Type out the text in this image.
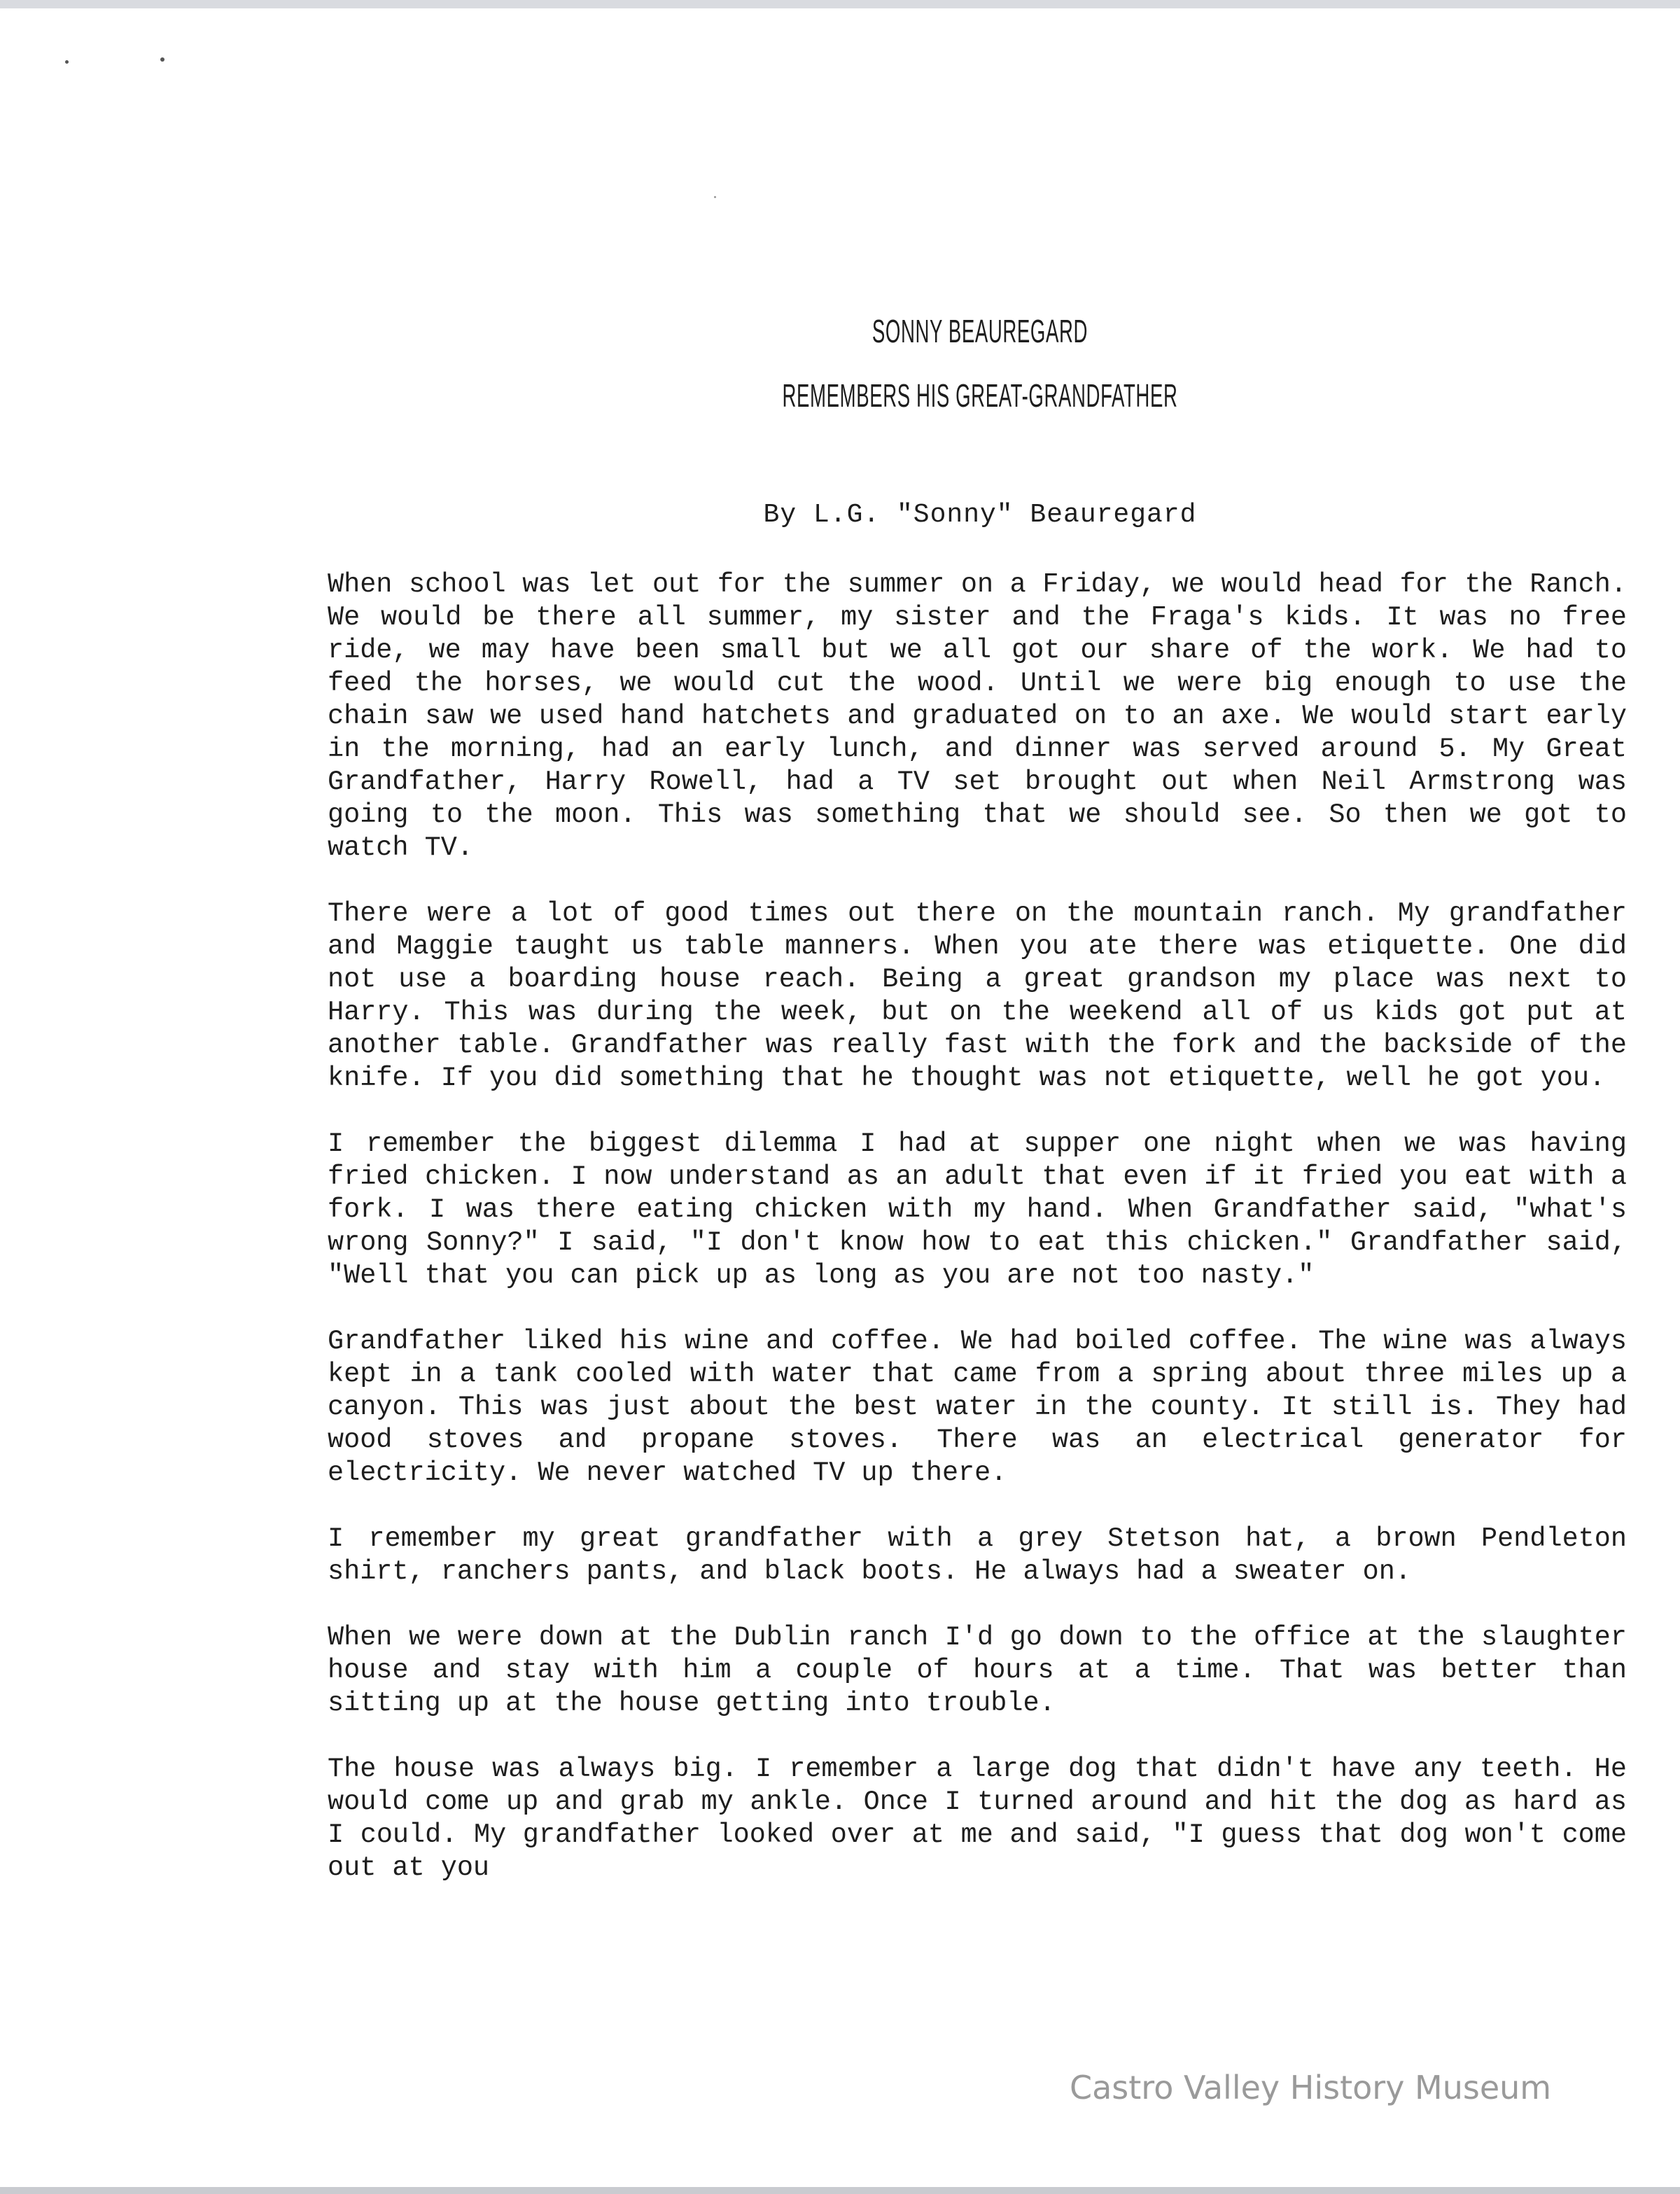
SONNY BEAUREGARD
REMEMBERS HIS GREAT-GRANDFATHER
By L.G. "Sonny" Beauregard

When school was let out for the summer on a Friday, we would head for the Ranch. We would be there all summer, my sister and the Fraga's kids. It was no free ride, we may have been small but we all got our share of the work. We had to feed the horses, we would cut the wood. Until we were big enough to use the chain saw we used hand hatchets and graduated on to an axe. We would start early in the morning, had an early lunch, and dinner was served around 5. My Great Grandfather, Harry Rowell, had a TV set brought out when Neil Armstrong was going to the moon. This was something that we should see. So then we got to watch TV.

There were a lot of good times out there on the mountain ranch. My grandfather and Maggie taught us table manners. When you ate there was etiquette. One did not use a boarding house reach. Being a great grandson my place was next to Harry. This was during the week, but on the weekend all of us kids got put at another table. Grandfather was really fast with the fork and the backside of the knife. If you did something that he thought was not etiquette, well he got you.

I remember the biggest dilemma I had at supper one night when we was having fried chicken. I now understand as an adult that even if it fried you eat with a fork. I was there eating chicken with my hand. When Grandfather said, "what's wrong Sonny?" I said, "I don't know how to eat this chicken." Grandfather said, "Well that you can pick up as long as you are not too nasty."

Grandfather liked his wine and coffee. We had boiled coffee. The wine was always kept in a tank cooled with water that came from a spring about three miles up a canyon. This was just about the best water in the county. It still is. They had wood stoves and propane stoves. There was an electrical generator for electricity. We never watched TV up there.

I remember my great grandfather with a grey Stetson hat, a brown Pendleton shirt, ranchers pants, and black boots. He always had a sweater on.

When we were down at the Dublin ranch I'd go down to the office at the slaughter house and stay with him a couple of hours at a time. That was better than sitting up at the house getting into trouble.

The house was always big. I remember a large dog that didn't have any teeth. He would come up and grab my ankle. Once I turned around and hit the dog as hard as I could. My grandfather looked over at me and said, "I guess that dog won't come out at you

Castro Valley History Museum
